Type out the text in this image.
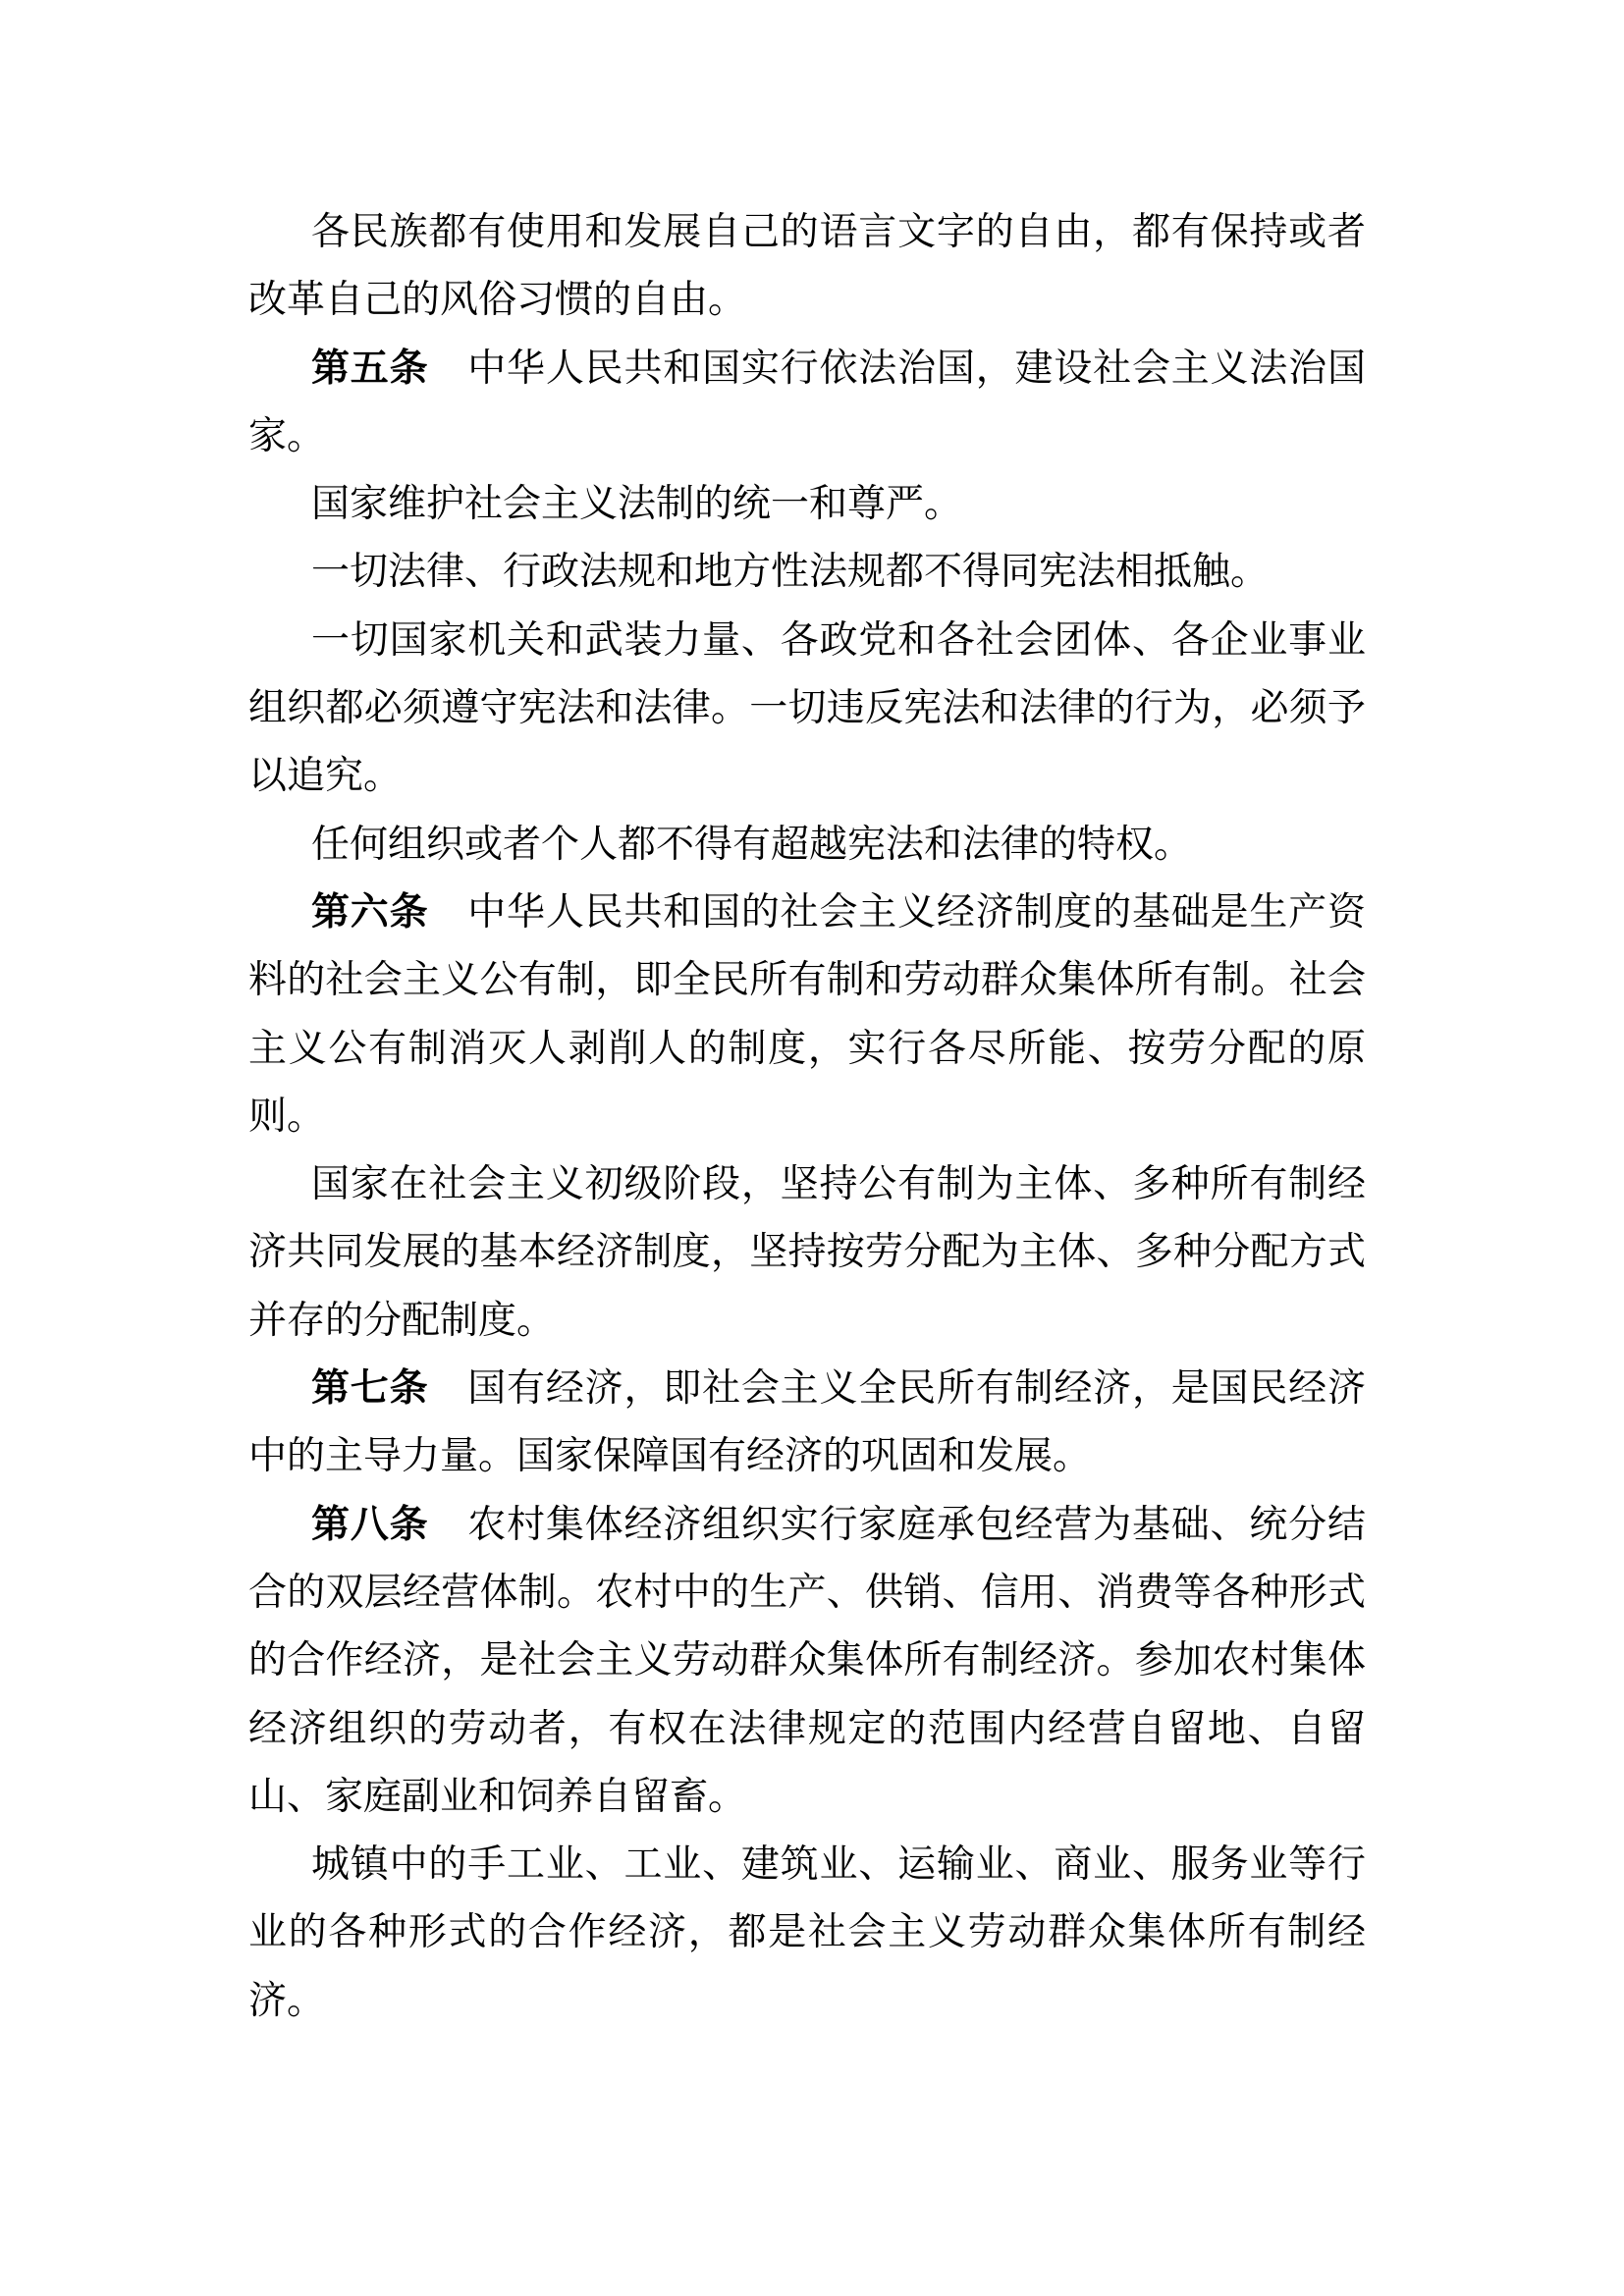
各民族都有使用和发展自己的语言文字的自由，都有保持或者改革自己的风俗习惯的自由。

第五条　中华人民共和国实行依法治国，建设社会主义法治国家。

国家维护社会主义法制的统一和尊严。

一切法律、行政法规和地方性法规都不得同宪法相抵触。

一切国家机关和武装力量、各政党和各社会团体、各企业事业组织都必须遵守宪法和法律。一切违反宪法和法律的行为，必须予以追究。

任何组织或者个人都不得有超越宪法和法律的特权。

第六条　中华人民共和国的社会主义经济制度的基础是生产资料的社会主义公有制，即全民所有制和劳动群众集体所有制。社会主义公有制消灭人剥削人的制度，实行各尽所能、按劳分配的原则。

国家在社会主义初级阶段，坚持公有制为主体、多种所有制经济共同发展的基本经济制度，坚持按劳分配为主体、多种分配方式并存的分配制度。

第七条　国有经济，即社会主义全民所有制经济，是国民经济中的主导力量。国家保障国有经济的巩固和发展。

第八条　农村集体经济组织实行家庭承包经营为基础、统分结合的双层经营体制。农村中的生产、供销、信用、消费等各种形式的合作经济，是社会主义劳动群众集体所有制经济。参加农村集体经济组织的劳动者，有权在法律规定的范围内经营自留地、自留山、家庭副业和饲养自留畜。

城镇中的手工业、工业、建筑业、运输业、商业、服务业等行业的各种形式的合作经济，都是社会主义劳动群众集体所有制经济。
